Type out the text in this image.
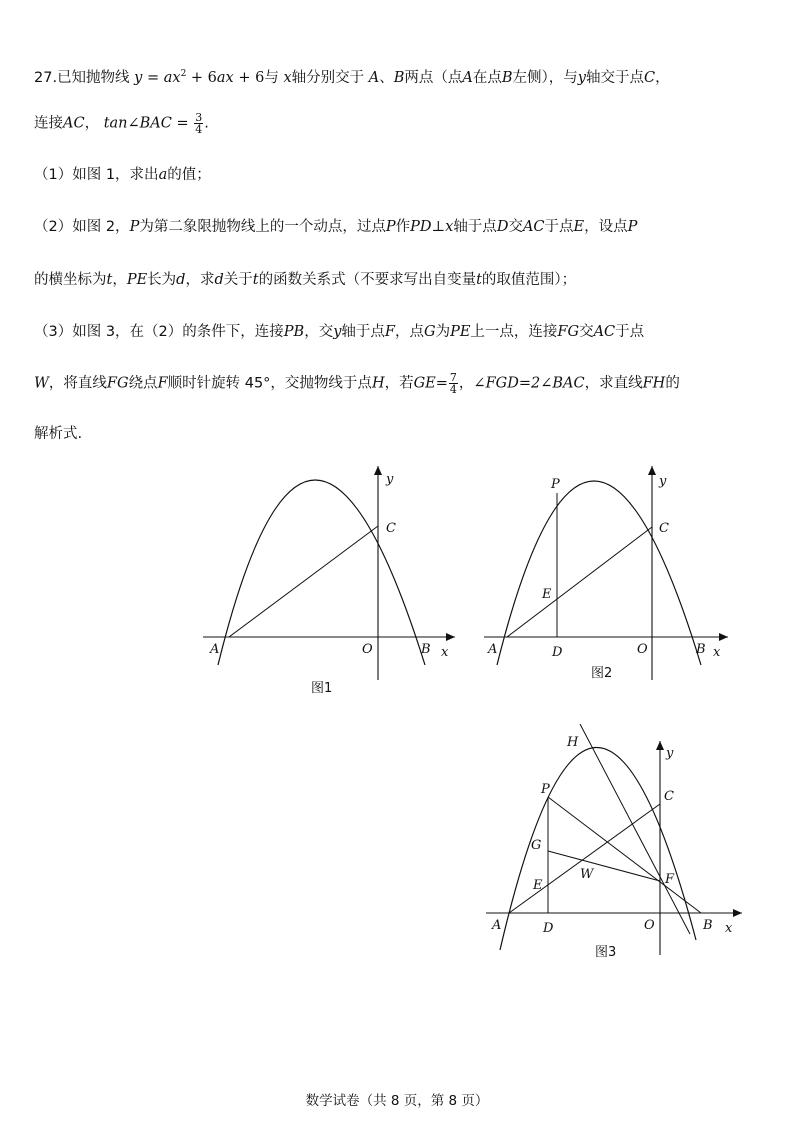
27.已知抛物线 $y = ax^2 + 6ax + 6$与 x轴分别交于 A、B两点（点A在点B左侧），与y轴交于点C，
连接AC， tan∠BAC = $\frac{3}{4}$ .
（1）如图 1，求出a的值；
（2）如图 2，P为第二象限抛物线上的一个动点，过点P作PD⊥x轴于点D交AC于点E，设点P
的横坐标为t，PE长为d，求d关于t的函数关系式（不要求写出自变量t的取值范围）；
（3）如图 3，在（2）的条件下，连接PB，交y轴于点F，点G为PE上一点，连接FG交AC于点
W，将直线FG绕点F顺时针旋转 45°，交抛物线于点H，若$GE= \frac{7}{4}$ ，∠FGD=2∠BAC，求直线FH的
解析式.
y
C
A	O	B x
图1
P	y
C
E
A	D	O	B x
图2
H
y
P	C
G
W
E	F
A	D	O	B x
图3
数学试卷（共 8 页，第 8 页）
